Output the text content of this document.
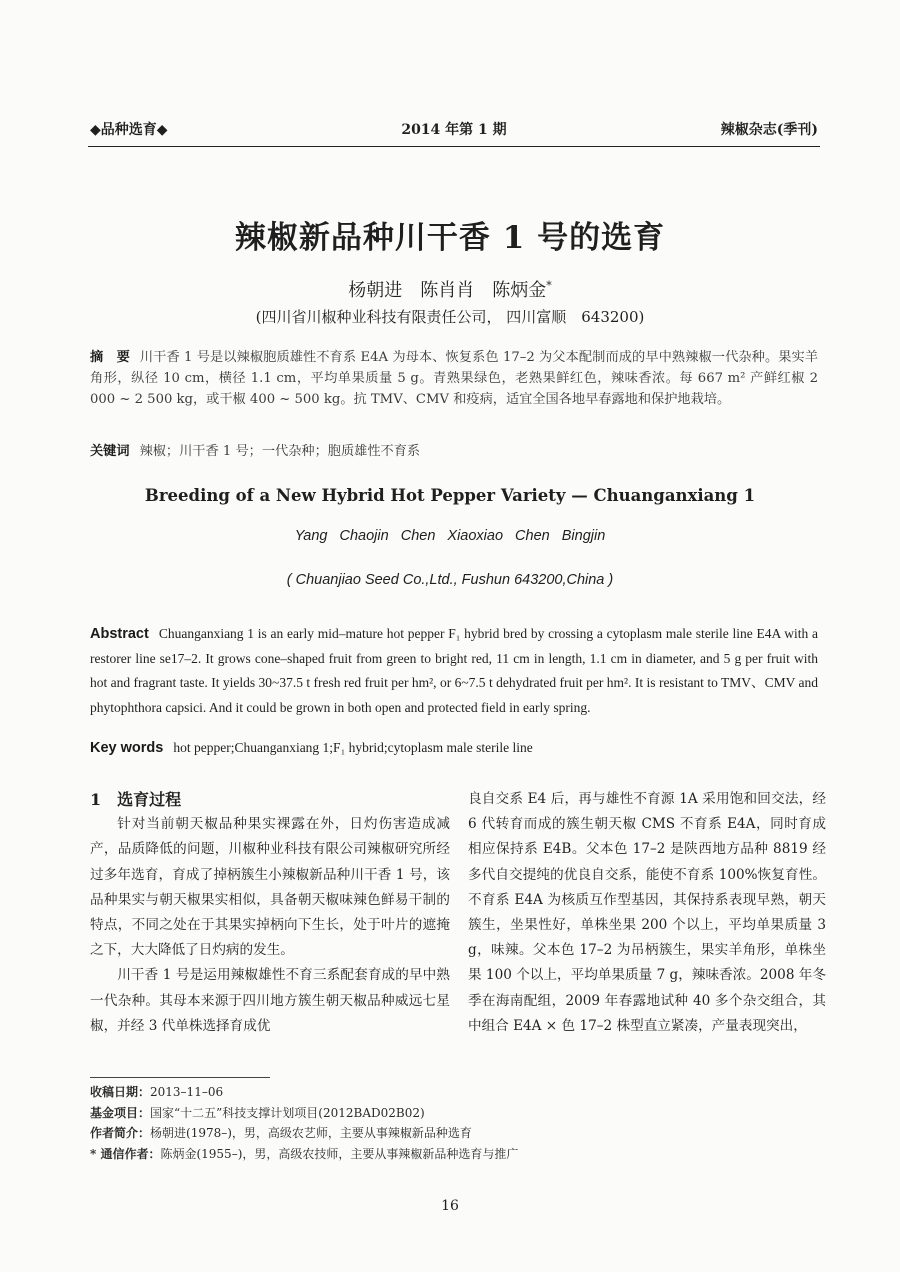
◆品种选育◆	2014 年第 1 期	辣椒杂志(季刊)
辣椒新品种川干香 1 号的选育
杨朝进　陈肖肖　陈炳金*
(四川省川椒种业科技有限责任公司， 四川富顺　643200)
摘　要 川干香 1 号是以辣椒胞质雄性不育系 E4A 为母本、恢复系色 17–2 为父本配制而成的早中熟辣椒一代杂种。果实羊角形，纵径 10 cm，横径 1.1 cm，平均单果质量 5 g。青熟果绿色，老熟果鲜红色，辣味香浓。每 667 m² 产鲜红椒 2 000 ~ 2 500 kg，或干椒 400 ~ 500 kg。抗 TMV、CMV 和疫病，适宜全国各地早春露地和保护地栽培。
关键词 辣椒；川干香 1 号；一代杂种；胞质雄性不育系
Breeding of a New Hybrid Hot Pepper Variety — Chuanganxiang 1
Yang Chaojin Chen Xiaoxiao Chen Bingjin
( Chuanjiao Seed Co.,Ltd., Fushun 643200,China )
Abstract Chuanganxiang 1 is an early mid–mature hot pepper F₁ hybrid bred by crossing a cytoplasm male sterile line E4A with a restorer line se17–2. It grows cone–shaped fruit from green to bright red, 11 cm in length, 1.1 cm in diameter, and 5 g per fruit with hot and fragrant taste. It yields 30~37.5 t fresh red fruit per hm², or 6~7.5 t dehydrated fruit per hm². It is resistant to TMV、CMV and phytophthora capsici. And it could be grown in both open and protected field in early spring.
Key words hot pepper;Chuanganxiang 1;F₁ hybrid;cytoplasm male sterile line

1　选育过程

针对当前朝天椒品种果实裸露在外，日灼伤害造成减产，品质降低的问题，川椒种业科技有限公司辣椒研究所经过多年选育，育成了掉柄簇生小辣椒新品种川干香 1 号，该品种果实与朝天椒果实相似，具备朝天椒味辣色鲜易干制的特点，不同之处在于其果实掉柄向下生长，处于叶片的遮掩之下，大大降低了日灼病的发生。

川干香 1 号是运用辣椒雄性不育三系配套育成的早中熟一代杂种。其母本来源于四川地方簇生朝天椒品种威远七星椒，并经 3 代单株选择育成优

良自交系 E4 后，再与雄性不育源 1A 采用饱和回交法，经 6 代转育而成的簇生朝天椒 CMS 不育系 E4A，同时育成相应保持系 E4B。父本色 17–2 是陕西地方品种 8819 经多代自交提纯的优良自交系，能使不育系 100%恢复育性。不育系 E4A 为核质互作型基因，其保持系表现早熟，朝天簇生，坐果性好，单株坐果 200 个以上，平均单果质量 3 g，味辣。父本色 17–2 为吊柄簇生，果实羊角形，单株坐果 100 个以上，平均单果质量 7 g，辣味香浓。2008 年冬季在海南配组，2009 年春露地试种 40 多个杂交组合，其中组合 E4A × 色 17–2 株型直立紧凑，产量表现突出，

收稿日期：2013–11–06
基金项目：国家“十二五”科技支撑计划项目(2012BAD02B02)
作者简介：杨朝进(1978–)，男，高级农艺师，主要从事辣椒新品种选育
* 通信作者：陈炳金(1955–)，男，高级农技师，主要从事辣椒新品种选育与推广
16
